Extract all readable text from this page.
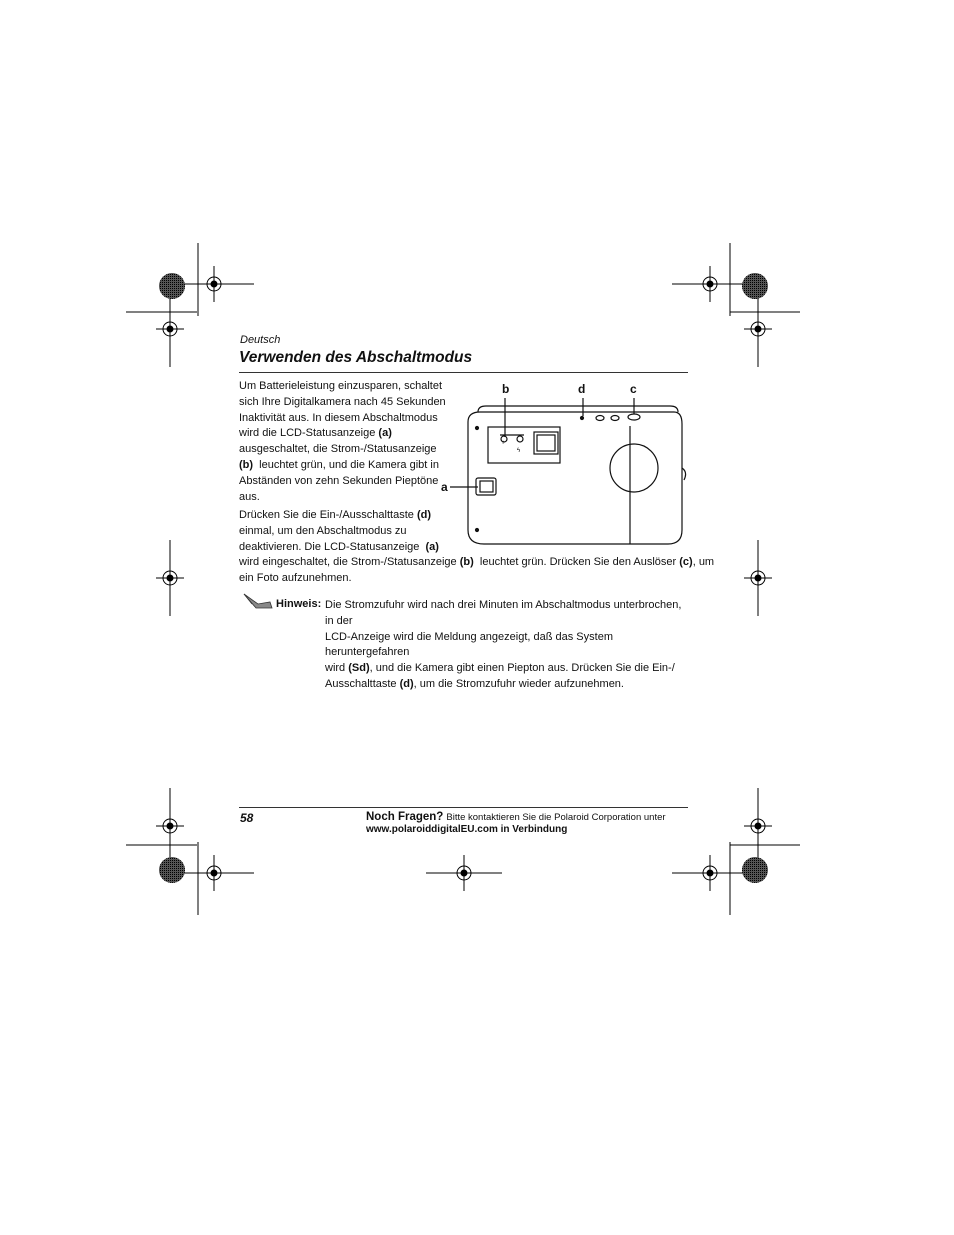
Deutsch
Verwenden des Abschaltmodus
Um Batterieleistung einzusparen, schaltet
sich Ihre Digitalkamera nach 45 Sekunden
Inaktivität aus. In diesem Abschaltmodus
wird die LCD-Statusanzeige (a)
ausgeschaltet, die Strom-/Statusanzeige
(b) leuchtet grün, und die Kamera gibt in
Abständen von zehn Sekunden Pieptöne
aus.
Drücken Sie die Ein-/Ausschalttaste (d)
einmal, um den Abschaltmodus zu
deaktivieren. Die LCD-Statusanzeige (a)
wird eingeschaltet, die Strom-/Statusanzeige (b) leuchtet grün. Drücken Sie den Auslöser (c), um
ein Foto aufzunehmen.
♁
ϟ
b	d	c
a
Hinweis: Die Stromzufuhr wird nach drei Minuten im Abschaltmodus unterbrochen, in der
LCD-Anzeige wird die Meldung angezeigt, daß das System heruntergefahren
wird (Sd), und die Kamera gibt einen Piepton aus. Drücken Sie die Ein-/
Ausschalttaste (d), um die Stromzufuhr wieder aufzunehmen.
58	Noch Fragen? Bitte kontaktieren Sie die Polaroid Corporation unter
www.polaroiddigitalEU.com in Verbindung
